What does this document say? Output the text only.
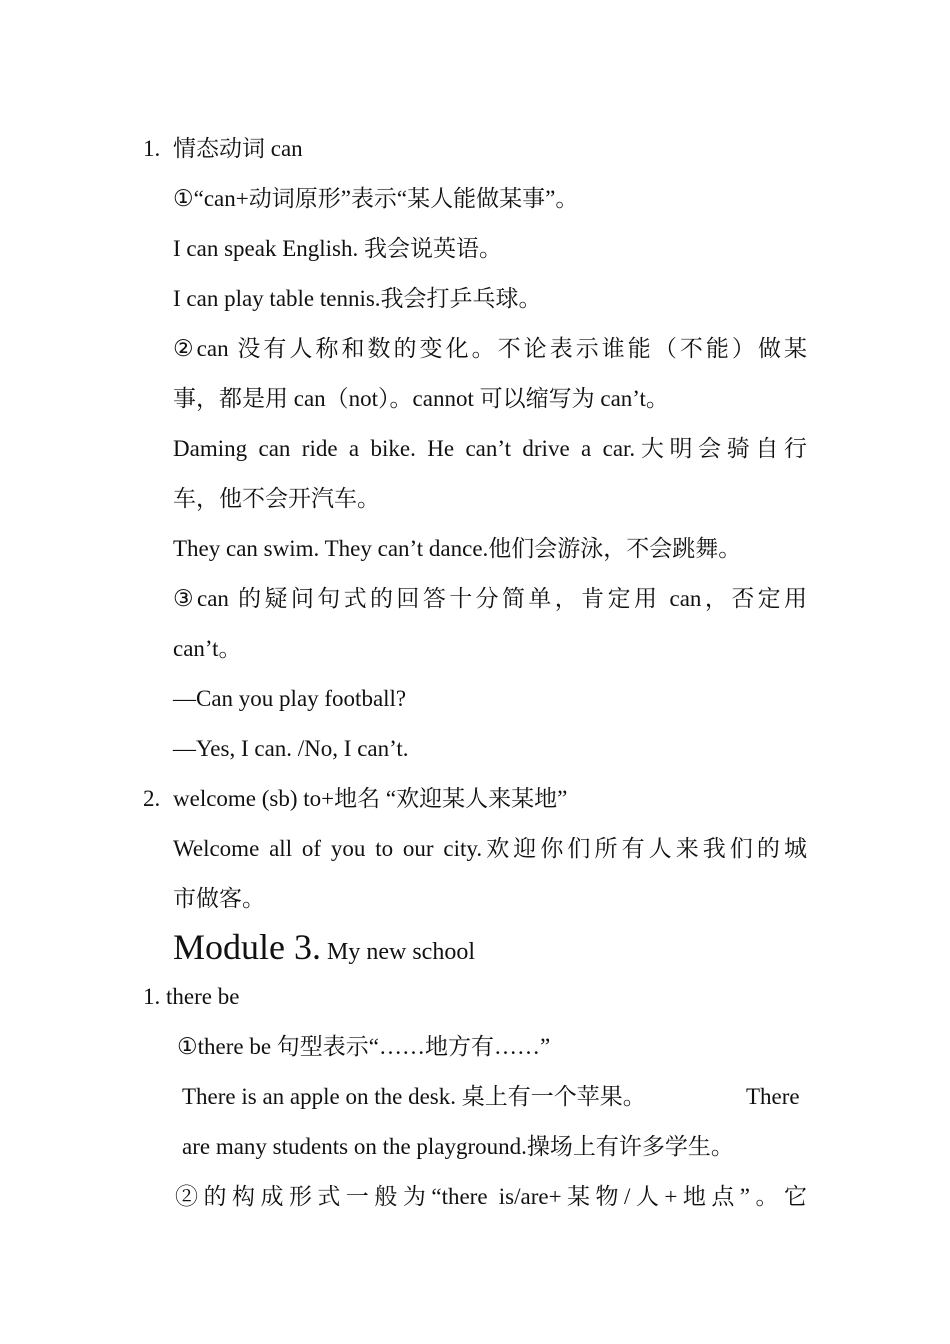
1. 情态动词 can
①“can+动词原形”表示“某人能做某事”。
I can speak English. 我会说英语。
I can play table tennis.我会打乒乓球。
②can 没有人称和数的变化。不论表示谁能（不能）做某
事，都是用 can（not）。cannot 可以缩写为 can’t。
Daming can ride a bike. He can’t drive a car.大明会骑自行
车，他不会开汽车。
They can swim. They can’t dance.他们会游泳，不会跳舞。
③can 的疑问句式的回答十分简单，肯定用 can，否定用
can’t。
—Can you play football?
—Yes, I can. /No, I can’t.
2. welcome (sb) to+地名 “欢迎某人来某地”
Welcome all of you to our city.欢迎你们所有人来我们的城
市做客。
Module 3. My new school
1. there be
①there be 句型表示“……地方有……”
There is an apple on the desk. 桌上有一个苹果。	There
are many students on the playground.操场上有许多学生。
②的构成形式一般为“there is/are+某物/人+地点”。它
